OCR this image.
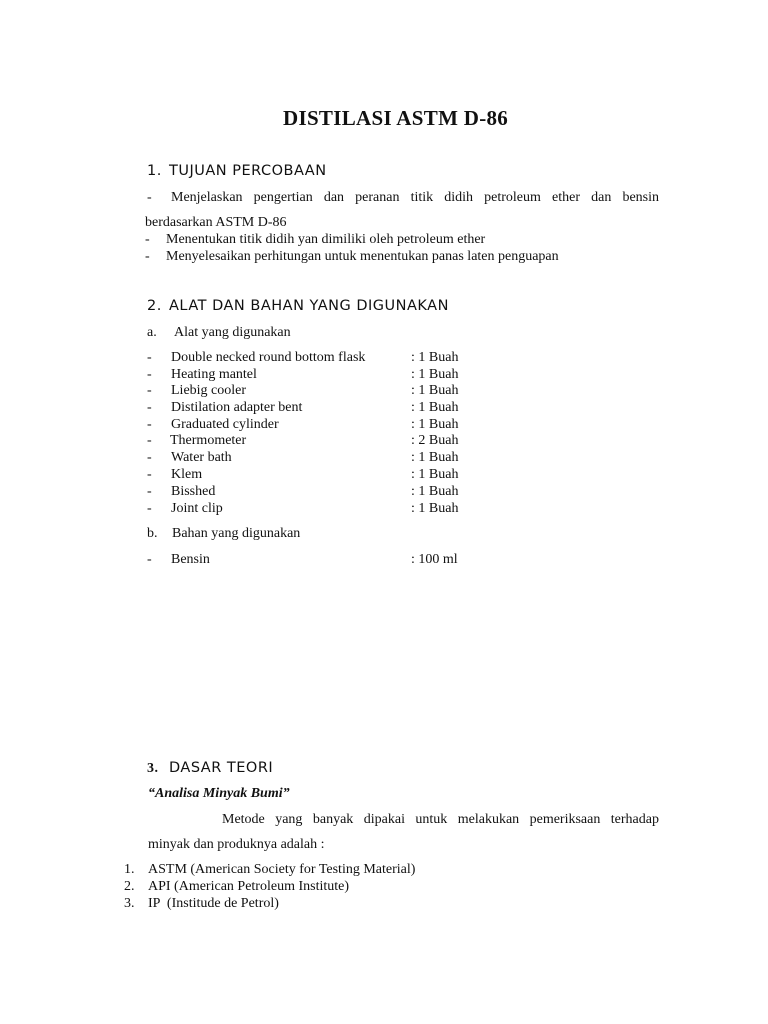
DISTILASI ASTM D-86
1. TUJUAN PERCOBAAN
- Menjelaskan pengertian dan peranan titik didih petroleum ether dan bensin
berdasarkan ASTM D-86
- Menentukan titik didih yan dimiliki oleh petroleum ether
- Menyelesaikan perhitungan untuk menentukan panas laten penguapan
2. ALAT DAN BAHAN YANG DIGUNAKAN
a. Alat yang digunakan
- Double necked round bottom flask	: 1 Buah
- Heating mantel	: 1 Buah
- Liebig cooler	: 1 Buah
- Distilation adapter bent	: 1 Buah
- Graduated cylinder	: 1 Buah
- Thermometer	: 2 Buah
- Water bath	: 1 Buah
- Klem	: 1 Buah
- Bisshed	: 1 Buah
- Joint clip	: 1 Buah
b. Bahan yang digunakan
- Bensin	: 100 ml
3. DASAR TEORI
“Analisa Minyak Bumi”
Metode yang banyak dipakai untuk melakukan pemeriksaan terhadap
minyak dan produknya adalah :
1. ASTM (American Society for Testing Material)
2. API (American Petroleum Institute)
3. IP  (Institude de Petrol)
